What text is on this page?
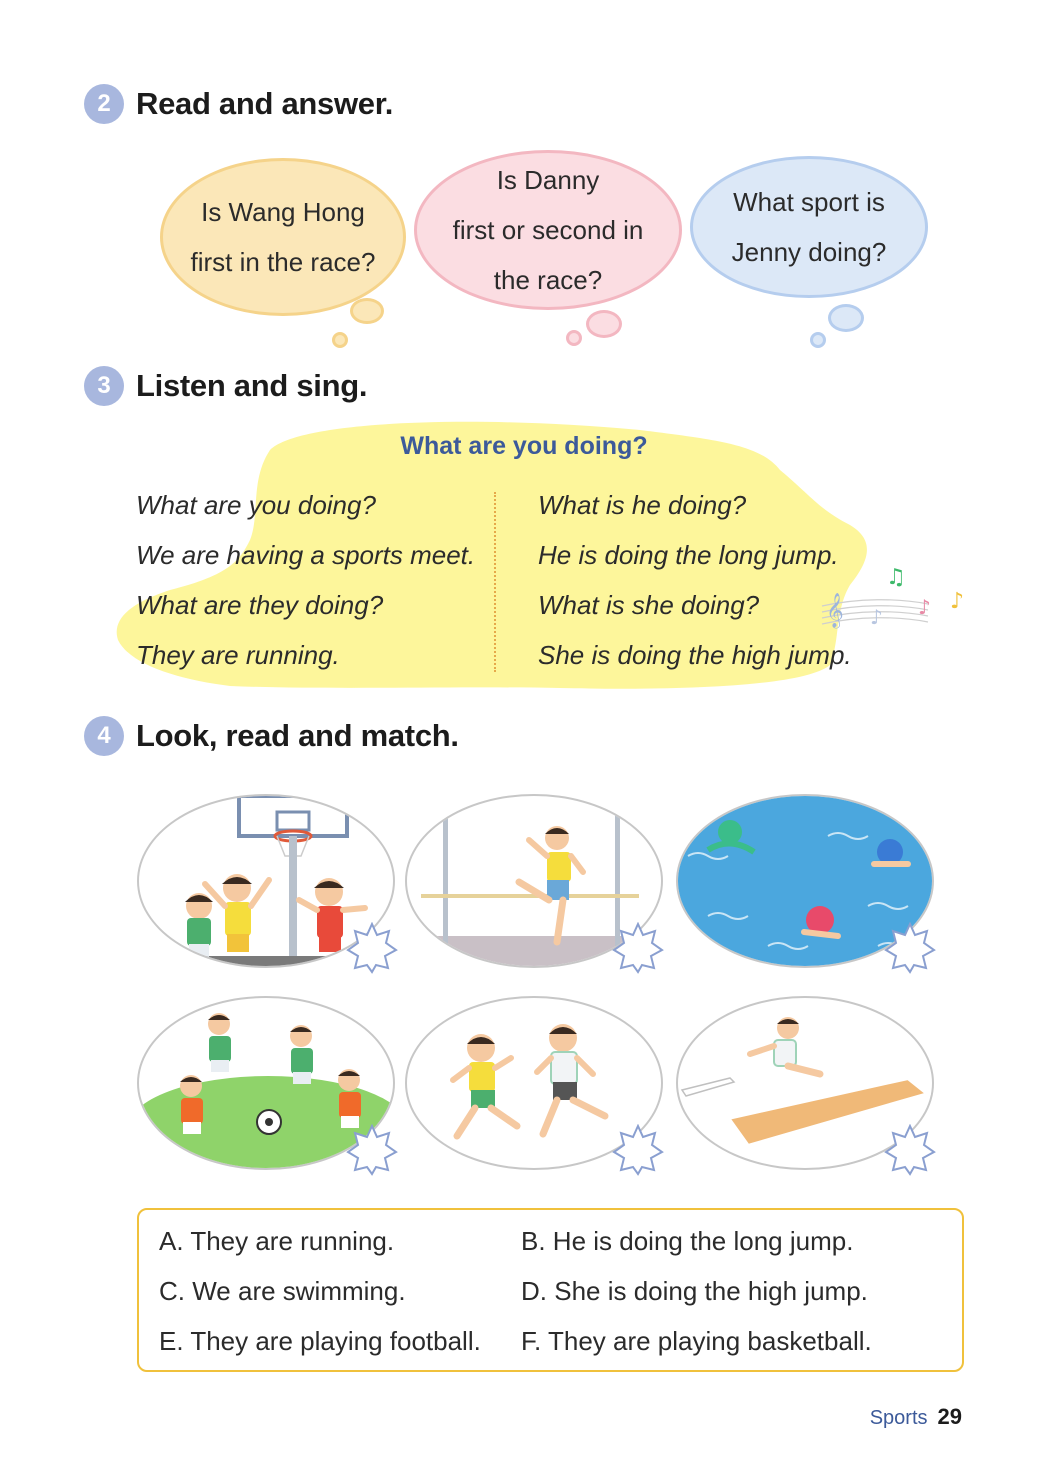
2 Read and answer.
Is Wang Hong
first in the race?
Is Danny
first or second in
the race?
What sport is
Jenny doing?
3 Listen and sing.
What are you doing?
What are you doing?
We are having a sports meet.
What are they doing?
They are running.
What is he doing?
He is doing the long jump.
What is she doing?
She is doing the high jump.
𝄞
♫
♪ ♪ ♪
4 Look, read and match.
A. They are running.	B. He is doing the long jump.
C. We are swimming.	D. She is doing the high jump.
E. They are playing football. F. They are playing basketball.
Sports 29
